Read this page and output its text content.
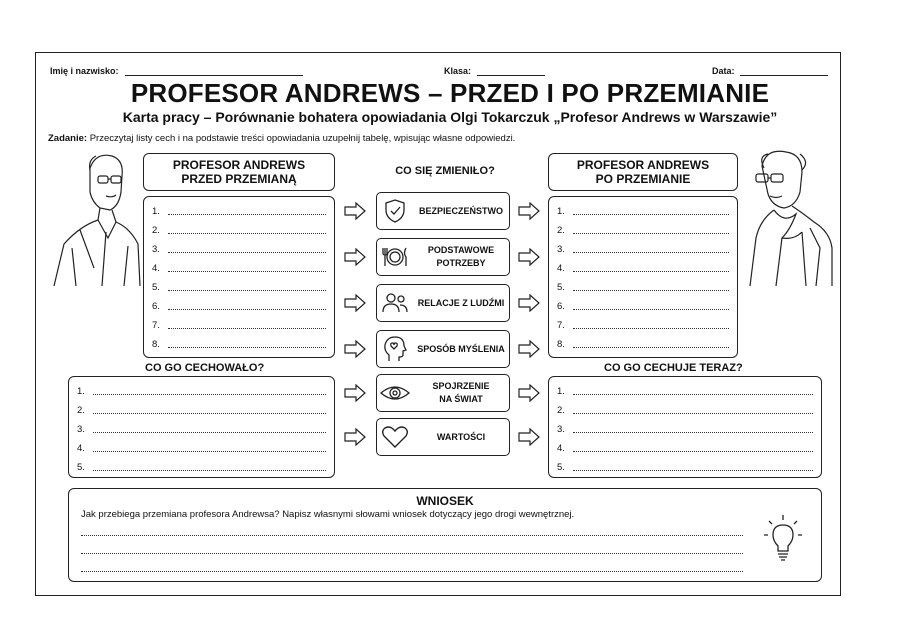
Imię i nazwisko:	Klasa:	Data:
PROFESOR ANDREWS – PRZED I PO PRZEMIANIE
Karta pracy – Porównanie bohatera opowiadania Olgi Tokarczuk „Profesor Andrews w Warszawie”
Zadanie: Przeczytaj listy cech i na podstawie treści opowiadania uzupełnij tabelę, wpisując własne odpowiedzi.
PROFESOR ANDREWS
PRZED PRZEMIANĄ
PROFESOR ANDREWS
PO PRZEMIANIE
CO SIĘ ZMIENIŁO?
1.
2.
3.
4.
5.
6.
7.
8.
1.
2.
3.
4.
5.
6.
7.
8.
BEZPIECZEŃSTWO
PODSTAWOWE
POTRZEBY
RELACJE Z LUDŹMI
SPOSÓB MYŚLENIA
SPOJRZENIE
NA ŚWIAT
WARTOŚCI
CO GO CECHOWAŁO?	CO GO CECHUJE TERAZ?
1.
2.
3.
4.
5.
1.
2.
3.
4.
5.
WNIOSEK
Jak przebiega przemiana profesora Andrewsa? Napisz własnymi słowami wniosek dotyczący jego drogi wewnętrznej.
